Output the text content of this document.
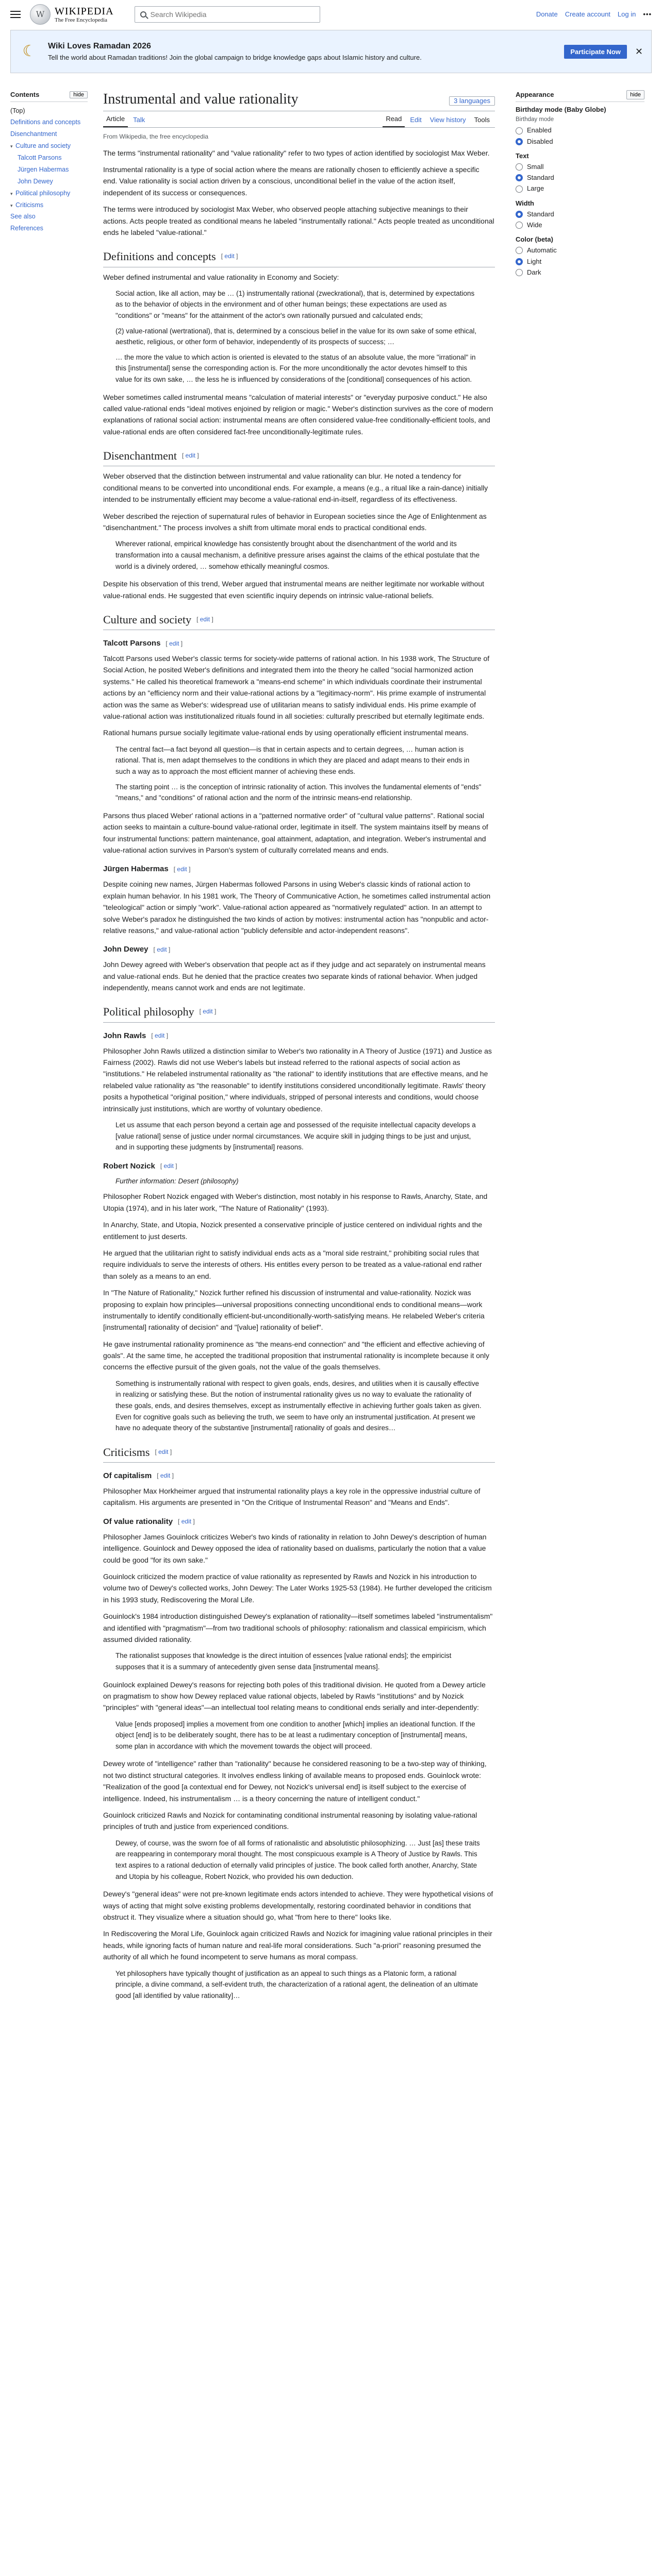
W WIKIPEDIA
The Free Encyclopedia
Search Wikipedia
Donate Create account Log in •••
☾	Wiki Loves Ramadan 2026
Tell the world about Ramadan traditions! Join the global campaign to bridge knowledge gaps about Islamic history and culture.
Participate Now	✕
Contents	hide
(Top)
Definitions and concepts
Disenchantment
▾ Culture and society
Talcott Parsons
Jürgen Habermas
John Dewey
▾ Political philosophy
▾ Criticisms
See also
References
Appearance	hide
Birthday mode (Baby Globe)
Birthday mode
Enabled
Disabled
Text
Small
Standard
Large
Width
Standard
Wide
Color (beta)
Automatic
Light
Dark
Instrumental and value rationality	3 languages
Article	Talk	Read	Edit	View history	Tools
From Wikipedia, the free encyclopedia

The terms "instrumental rationality" and "value rationality" refer to two types of action identified by sociologist Max Weber.

Instrumental rationality is a type of social action where the means are rationally chosen to efficiently achieve a specific end. Value rationality is social action driven by a conscious, unconditional belief in the value of the action itself, independent of its success or consequences.

The terms were introduced by sociologist Max Weber, who observed people attaching subjective meanings to their actions. Acts people treated as conditional means he labeled "instrumentally rational." Acts people treated as unconditional ends he labeled "value-rational."

Definitions and concepts [ edit ]

Weber defined instrumental and value rationality in Economy and Society:

Social action, like all action, may be … (1) instrumentally rational (zweckrational), that is, determined by expectations as to the behavior of objects in the environment and of other human beings; these expectations are used as "conditions" or "means" for the attainment of the actor's own rationally pursued and calculated ends;

(2) value-rational (wertrational), that is, determined by a conscious belief in the value for its own sake of some ethical, aesthetic, religious, or other form of behavior, independently of its prospects of success; …

… the more the value to which action is oriented is elevated to the status of an absolute value, the more "irrational" in this [instrumental] sense the corresponding action is. For the more unconditionally the actor devotes himself to this value for its own sake, … the less he is influenced by considerations of the [conditional] consequences of his action.

Weber sometimes called instrumental means "calculation of material interests" or "everyday purposive conduct." He also called value-rational ends "ideal motives enjoined by religion or magic." Weber's distinction survives as the core of modern explanations of rational social action: instrumental means are often considered value-free conditionally-efficient tools, and value-rational ends are often considered fact-free unconditionally-legitimate rules.

Disenchantment [ edit ]

Weber observed that the distinction between instrumental and value rationality can blur. He noted a tendency for conditional means to be converted into unconditional ends. For example, a means (e.g., a ritual like a rain-dance) initially intended to be instrumentally efficient may become a value-rational end-in-itself, regardless of its effectiveness.

Weber described the rejection of supernatural rules of behavior in European societies since the Age of Enlightenment as "disenchantment." The process involves a shift from ultimate moral ends to practical conditional ends.

Wherever rational, empirical knowledge has consistently brought about the disenchantment of the world and its transformation into a causal mechanism, a definitive pressure arises against the claims of the ethical postulate that the world is a divinely ordered, … somehow ethically meaningful cosmos.

Despite his observation of this trend, Weber argued that instrumental means are neither legitimate nor workable without value-rational ends. He suggested that even scientific inquiry depends on intrinsic value-rational beliefs.

Culture and society [ edit ]
Talcott Parsons [ edit ]

Talcott Parsons used Weber's classic terms for society-wide patterns of rational action. In his 1938 work, The Structure of Social Action, he posited Weber's definitions and integrated them into the theory he called "social harmonized action systems." He called his theoretical framework a "means-end scheme" in which individuals coordinate their instrumental actions by an "efficiency norm and their value-rational actions by a "legitimacy-norm". His prime example of instrumental action was the same as Weber's: widespread use of utilitarian means to satisfy individual ends. His prime example of value-rational action was institutionalized rituals found in all societies: culturally prescribed but eternally legitimate ends.

Rational humans pursue socially legitimate value-rational ends by using operationally efficient instrumental means.

The central fact—a fact beyond all question—is that in certain aspects and to certain degrees, … human action is rational. That is, men adapt themselves to the conditions in which they are placed and adapt means to their ends in such a way as to approach the most efficient manner of achieving these ends.

The starting point … is the conception of intrinsic rationality of action. This involves the fundamental elements of "ends" "means," and "conditions" of rational action and the norm of the intrinsic means-end relationship.

Parsons thus placed Weber' rational actions in a "patterned normative order" of "cultural value patterns". Rational social action seeks to maintain a culture-bound value-rational order, legitimate in itself. The system maintains itself by means of four instrumental functions: pattern maintenance, goal attainment, adaptation, and integration. Weber's instrumental and value-rational action survives in Parson's system of culturally correlated means and ends.

Jürgen Habermas [ edit ]

Despite coining new names, Jürgen Habermas followed Parsons in using Weber's classic kinds of rational action to explain human behavior. In his 1981 work, The Theory of Communicative Action, he sometimes called instrumental action "teleological" action or simply "work". Value-rational action appeared as "normatively regulated" action. In an attempt to solve Weber's paradox he distinguished the two kinds of action by motives: instrumental action has "nonpublic and actor-relative reasons," and value-rational action "publicly defensible and actor-independent reasons".

John Dewey [ edit ]

John Dewey agreed with Weber's observation that people act as if they judge and act separately on instrumental means and value-rational ends. But he denied that the practice creates two separate kinds of rational behavior. When judged independently, means cannot work and ends are not legitimate.

Political philosophy [ edit ]
John Rawls [ edit ]

Philosopher John Rawls utilized a distinction similar to Weber's two rationality in A Theory of Justice (1971) and Justice as Fairness (2002). Rawls did not use Weber's labels but instead referred to the rational aspects of social action as "institutions." He relabeled instrumental rationality as "the rational" to identify institutions that are effective means, and he relabeled value rationality as "the reasonable" to identify institutions considered unconditionally legitimate. Rawls' theory posits a hypothetical "original position," where individuals, stripped of personal interests and conditions, would choose intrinsically just institutions, which are worthy of voluntary obedience.

Let us assume that each person beyond a certain age and possessed of the requisite intellectual capacity develops a [value rational] sense of justice under normal circumstances. We acquire skill in judging things to be just and unjust, and in supporting these judgments by [instrumental] reasons.

Robert Nozick [ edit ]
Further information: Desert (philosophy)

Philosopher Robert Nozick engaged with Weber's distinction, most notably in his response to Rawls, Anarchy, State, and Utopia (1974), and in his later work, "The Nature of Rationality" (1993).

In Anarchy, State, and Utopia, Nozick presented a conservative principle of justice centered on individual rights and the entitlement to just deserts.

He argued that the utilitarian right to satisfy individual ends acts as a "moral side restraint," prohibiting social rules that require individuals to serve the interests of others. His entitles every person to be treated as a value-rational end rather than solely as a means to an end.

In "The Nature of Rationality," Nozick further refined his discussion of instrumental and value-rationality. Nozick was proposing to explain how principles—universal propositions connecting unconditional ends to conditional means—work instrumentally to identify conditionally efficient-but-unconditionally-worth-satisfying means. He relabeled Weber's criteria [instrumental] rationality of decision" and "[value] rationality of belief".

He gave instrumental rationality prominence as "the means-end connection" and "the efficient and effective achieving of goals". At the same time, he accepted the traditional proposition that instrumental rationality is incomplete because it only concerns the effective pursuit of the given goals, not the value of the goals themselves.

Something is instrumentally rational with respect to given goals, ends, desires, and utilities when it is causally effective in realizing or satisfying these. But the notion of instrumental rationality gives us no way to evaluate the rationality of these goals, ends, and desires themselves, except as instrumentally effective in achieving further goals taken as given. Even for cognitive goals such as believing the truth, we seem to have only an instrumental justification. At present we have no adequate theory of the substantive [instrumental] rationality of goals and desires…

Criticisms [ edit ]
Of capitalism [ edit ]

Philosopher Max Horkheimer argued that instrumental rationality plays a key role in the oppressive industrial culture of capitalism. His arguments are presented in "On the Critique of Instrumental Reason" and "Means and Ends".

Of value rationality [ edit ]

Philosopher James Gouinlock criticizes Weber's two kinds of rationality in relation to John Dewey's description of human intelligence. Gouinlock and Dewey opposed the idea of rationality based on dualisms, particularly the notion that a value could be good "for its own sake."

Gouinlock criticized the modern practice of value rationality as represented by Rawls and Nozick in his introduction to volume two of Dewey's collected works, John Dewey: The Later Works 1925-53 (1984). He further developed the criticism in his 1993 study, Rediscovering the Moral Life.

Gouinlock's 1984 introduction distinguished Dewey's explanation of rationality—itself sometimes labeled "instrumentalism" and identified with "pragmatism"—from two traditional schools of philosophy: rationalism and classical empiricism, which assumed divided rationality.

The rationalist supposes that knowledge is the direct intuition of essences [value rational ends]; the empiricist supposes that it is a summary of antecedently given sense data [instrumental means].

Gouinlock explained Dewey's reasons for rejecting both poles of this traditional division. He quoted from a Dewey article on pragmatism to show how Dewey replaced value rational objects, labeled by Rawls "institutions" and by Nozick "principles" with "general ideas"—an intellectual tool relating means to conditional ends serially and inter-dependently:

Value [ends proposed] implies a movement from one condition to another [which] implies an ideational function. If the object [end] is to be deliberately sought, there has to be at least a rudimentary conception of [instrumental] means, some plan in accordance with which the movement towards the object will proceed.

Dewey wrote of "intelligence" rather than "rationality" because he considered reasoning to be a two-step way of thinking, not two distinct structural categories. It involves endless linking of available means to proposed ends. Gouinlock wrote: "Realization of the good [a contextual end for Dewey, not Nozick's universal end] is itself subject to the exercise of intelligence. Indeed, his instrumentalism … is a theory concerning the nature of intelligent conduct."

Gouinlock criticized Rawls and Nozick for contaminating conditional instrumental reasoning by isolating value-rational principles of truth and justice from experienced conditions.

Dewey, of course, was the sworn foe of all forms of rationalistic and absolutistic philosophizing. … Just [as] these traits are reappearing in contemporary moral thought. The most conspicuous example is A Theory of Justice by Rawls. This text aspires to a rational deduction of eternally valid principles of justice. The book called forth another, Anarchy, State and Utopia by his colleague, Robert Nozick, who provided his own deduction.

Dewey's "general ideas" were not pre-known legitimate ends actors intended to achieve. They were hypothetical visions of ways of acting that might solve existing problems developmentally, restoring coordinated behavior in conditions that obstruct it. They visualize where a situation should go, what "from here to there" looks like.

In Rediscovering the Moral Life, Gouinlock again criticized Rawls and Nozick for imagining value rational principles in their heads, while ignoring facts of human nature and real-life moral considerations. Such "a-priori" reasoning presumed the authority of all which he found incompetent to serve humans as moral compass.

Yet philosophers have typically thought of justification as an appeal to such things as a Platonic form, a rational principle, a divine command, a self-evident truth, the characterization of a rational agent, the delineation of an ultimate good [all identified by value rationality]…
